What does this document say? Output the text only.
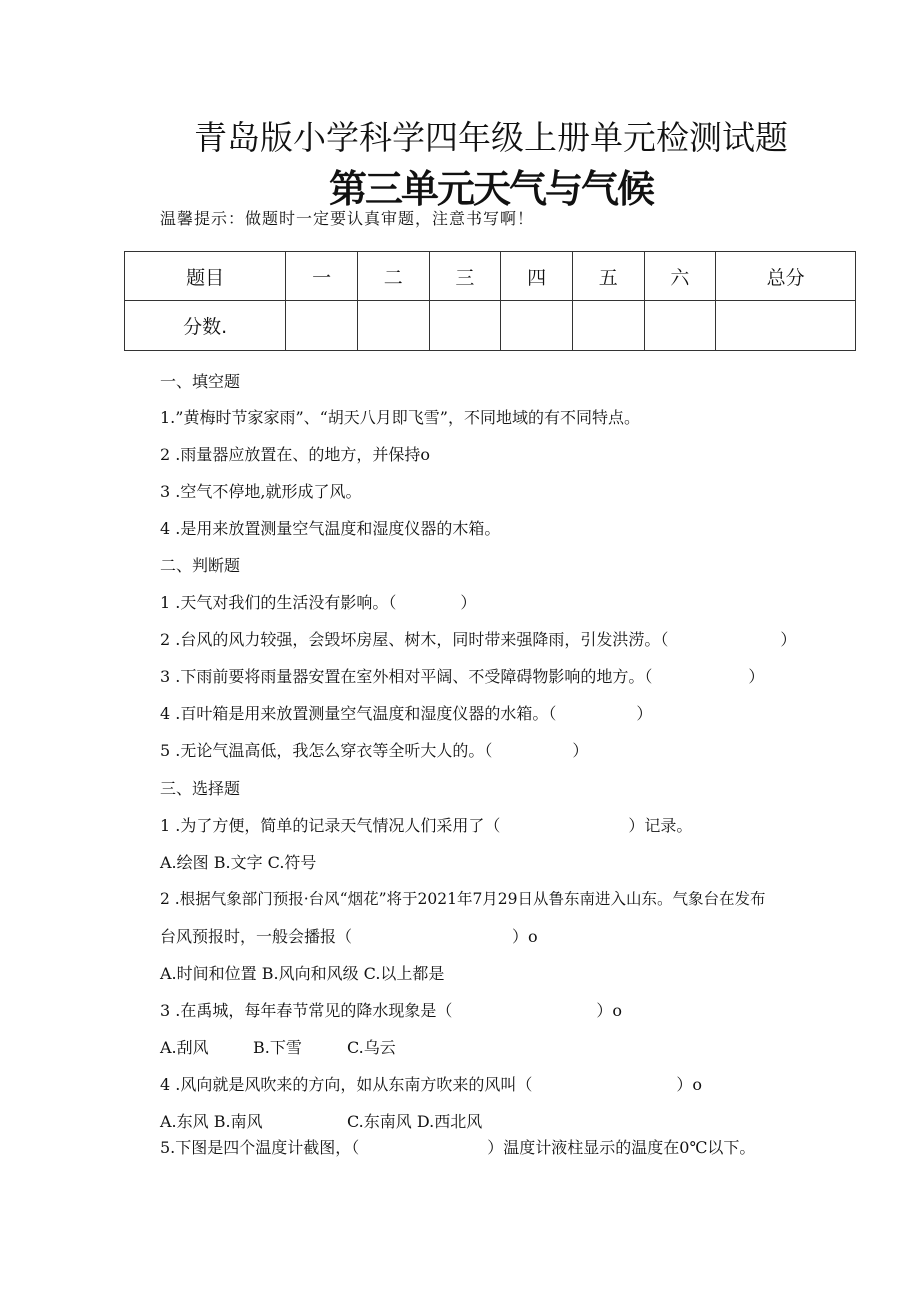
青岛版小学科学四年级上册单元检测试题
第三单元天气与气候
温馨提示：做题时一定要认真审题，注意书写啊！
题目	一	二	三	四	五	六	总分
分数.							
一、填空题
1.”黄梅时节家家雨”、“胡天八月即飞雪”，不同地域的有不同特点。
2 .雨量器应放置在、的地方，并保持o
3 .空气不停地,就形成了风。
4 .是用来放置测量空气温度和湿度仪器的木箱。
二、判断题
1 .天气对我们的生活没有影响。（　　　　）
2 .台风的风力较强，会毁坏房屋、树木，同时带来强降雨，引发洪涝。（　　　　　　　）
3 .下雨前要将雨量器安置在室外相对平阔、不受障碍物影响的地方。（　　　　　　）
4 .百叶箱是用来放置测量空气温度和湿度仪器的水箱。（　　　　　）
5 .无论气温高低，我怎么穿衣等全听大人的。（　　　　　）
三、选择题
1 .为了方便，简单的记录天气情况人们采用了（　　　　　　　　）记录。
A.绘图 B.文字 C.符号
2 .根据气象部门预报·台风“烟花”将于2021年7月29日从鲁东南进入山东。气象台在发布
台风预报时，一般会播报（　　　　　　　　　　）o
A.时间和位置 B.风向和风级 C.以上都是
3 .在禹城，每年春节常见的降水现象是（　　　　　　　　　）o
A.刮风	B.下雪	C.乌云
4 .风向就是风吹来的方向，如从东南方吹来的风叫（　　　　　　　　　）o
A.东风 B.南风	C.东南风 D.西北风
5.下图是四个温度计截图，（　　　　　　　　）温度计液柱显示的温度在0℃以下。
